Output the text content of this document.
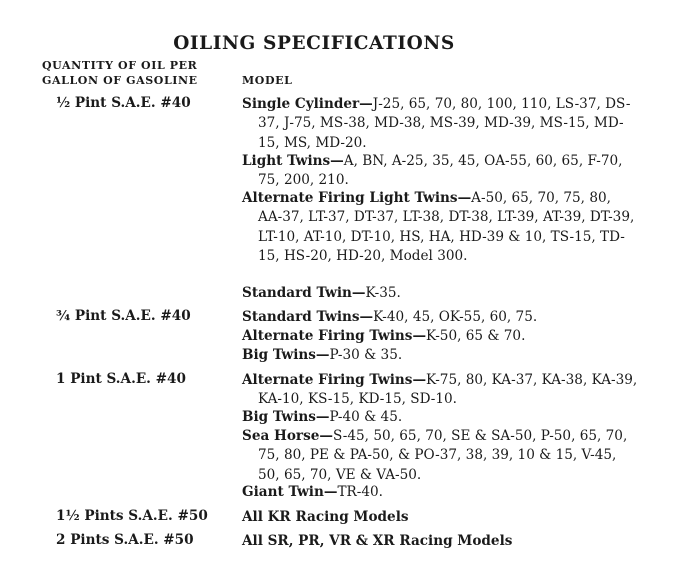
OILING SPECIFICATIONS
QUANTITY OF OIL PER
GALLON OF GASOLINE	MODEL
½ Pint S.A.E. #40
¾ Pint S.A.E. #40
1 Pint S.A.E. #40
1½ Pints S.A.E. #50
2 Pints S.A.E. #50
Single Cylinder—J-25, 65, 70, 80, 100, 110, LS-37, DS-37, J-75, MS-38, MD-38, MS-39, MD-39, MS-15, MD-15, MS, MD-20.
Light Twins—A, BN, A-25, 35, 45, OA-55, 60, 65, F-70, 75, 200, 210.
Alternate Firing Light Twins—A-50, 65, 70, 75, 80, AA-37, LT-37, DT-37, LT-38, DT-38, LT-39, AT-39, DT-39, LT-10, AT-10, DT-10, HS, HA, HD-39 & 10, TS-15, TD-15, HS-20, HD-20, Model 300.
Standard Twin—K-35.
Standard Twins—K-40, 45, OK-55, 60, 75.
Alternate Firing Twins—K-50, 65 & 70.
Big Twins—P-30 & 35.
Alternate Firing Twins—K-75, 80, KA-37, KA-38, KA-39, KA-10, KS-15, KD-15, SD-10.
Big Twins—P-40 & 45.
Sea Horse—S-45, 50, 65, 70, SE & SA-50, P-50, 65, 70, 75, 80, PE & PA-50, & PO-37, 38, 39, 10 & 15, V-45, 50, 65, 70, VE & VA-50.
Giant Twin—TR-40.
All KR Racing Models
All SR, PR, VR & XR Racing Models
